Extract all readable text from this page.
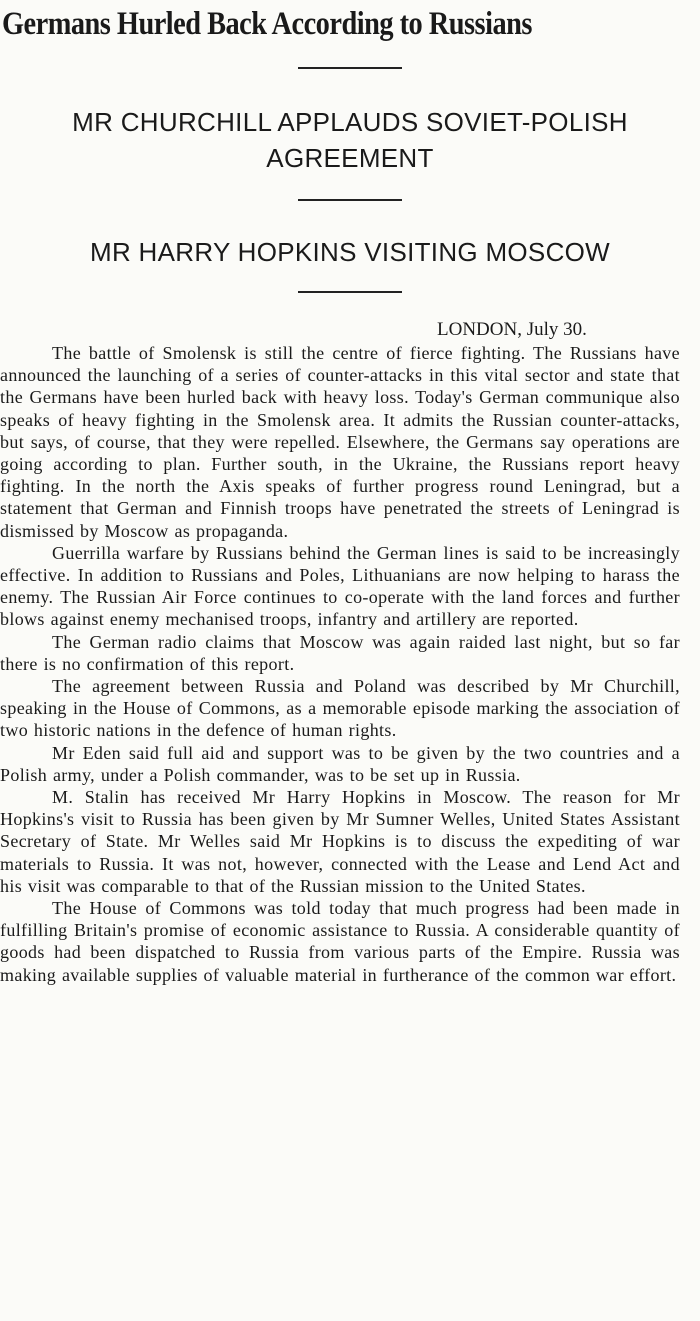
Germans Hurled Back According to Russians
MR CHURCHILL APPLAUDS SOVIET-POLISH AGREEMENT
MR HARRY HOPKINS VISITING MOSCOW
LONDON, July 30.

The battle of Smolensk is still the centre of fierce fighting. The Russians have announced the launching of a series of counter-attacks in this vital sector and state that the Germans have been hurled back with heavy loss. Today's German communique also speaks of heavy fighting in the Smolensk area. It admits the Russian counter-attacks, but says, of course, that they were repelled. Elsewhere, the Germans say operations are going according to plan. Further south, in the Ukraine, the Russians report heavy fighting. In the north the Axis speaks of further progress round Leningrad, but a statement that German and Finnish troops have penetrated the streets of Leningrad is dismissed by Moscow as propaganda.

Guerrilla warfare by Russians behind the German lines is said to be increasingly effective. In addition to Russians and Poles, Lithuanians are now helping to harass the enemy. The Russian Air Force continues to co-operate with the land forces and further blows against enemy mechanised troops, infantry and artillery are reported.

The German radio claims that Moscow was again raided last night, but so far there is no confirmation of this report.

The agreement between Russia and Poland was described by Mr Churchill, speaking in the House of Commons, as a memorable episode marking the association of two historic nations in the defence of human rights.

Mr Eden said full aid and support was to be given by the two countries and a Polish army, under a Polish commander, was to be set up in Russia.

M. Stalin has received Mr Harry Hopkins in Moscow. The reason for Mr Hopkins's visit to Russia has been given by Mr Sumner Welles, United States Assistant Secretary of State. Mr Welles said Mr Hopkins is to discuss the expediting of war materials to Russia. It was not, however, connected with the Lease and Lend Act and his visit was comparable to that of the Russian mission to the United States.

The House of Commons was told today that much progress had been made in fulfilling Britain's promise of economic assistance to Russia. A considerable quantity of goods had been dispatched to Russia from various parts of the Empire. Russia was making available supplies of valuable material in furtherance of the common war effort.
